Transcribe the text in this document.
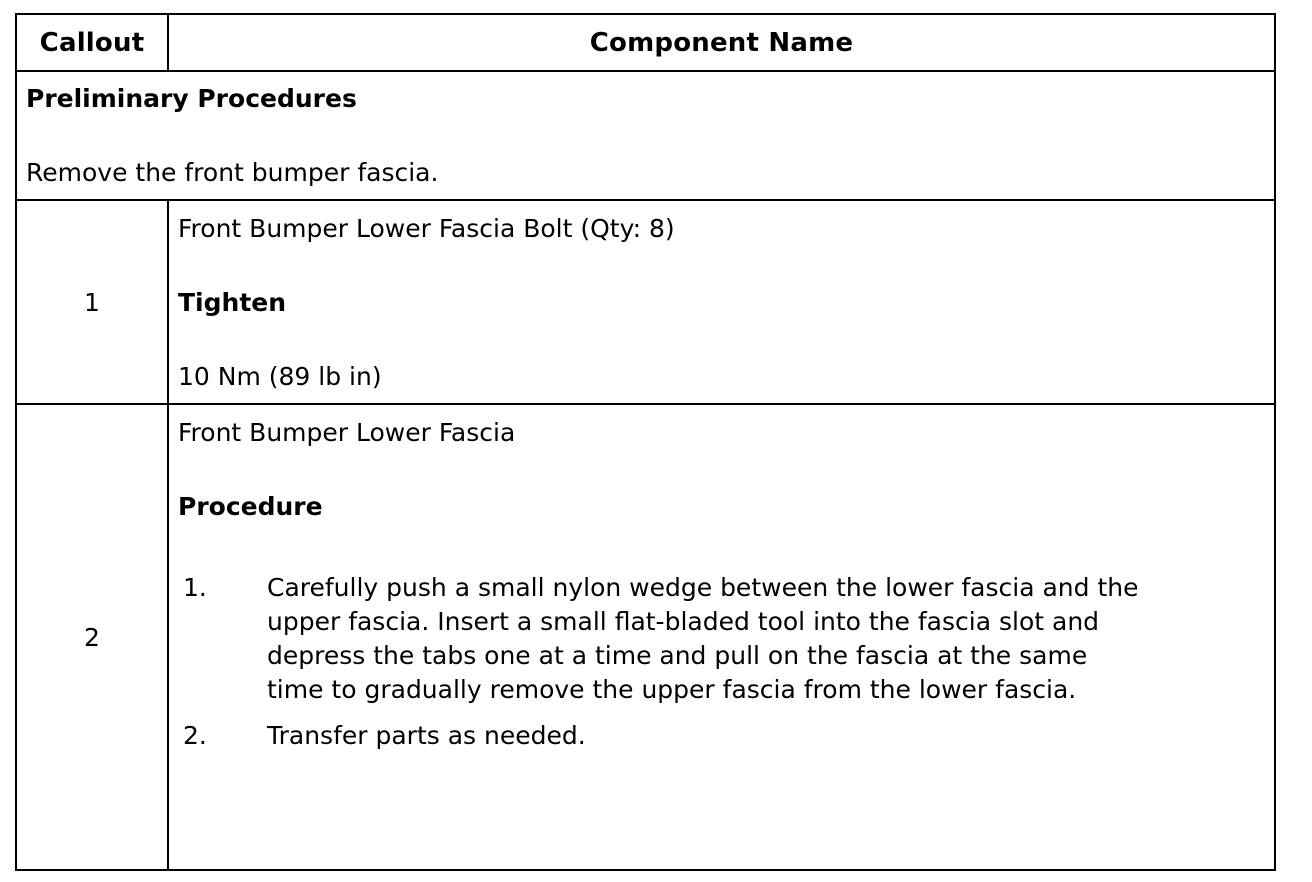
Callout	Component Name
Preliminary Procedures
Remove the front bumper fascia.
1
Front Bumper Lower Fascia Bolt (Qty: 8)
Tighten
10 Nm (89 lb in)
2
Front Bumper Lower Fascia
Procedure
1. Carefully push a small nylon wedge between the lower fascia and the upper fascia. Insert a small flat-bladed tool into the fascia slot and depress the tabs one at a time and pull on the fascia at the same time to gradually remove the upper fascia from the lower fascia.
2. Transfer parts as needed.
